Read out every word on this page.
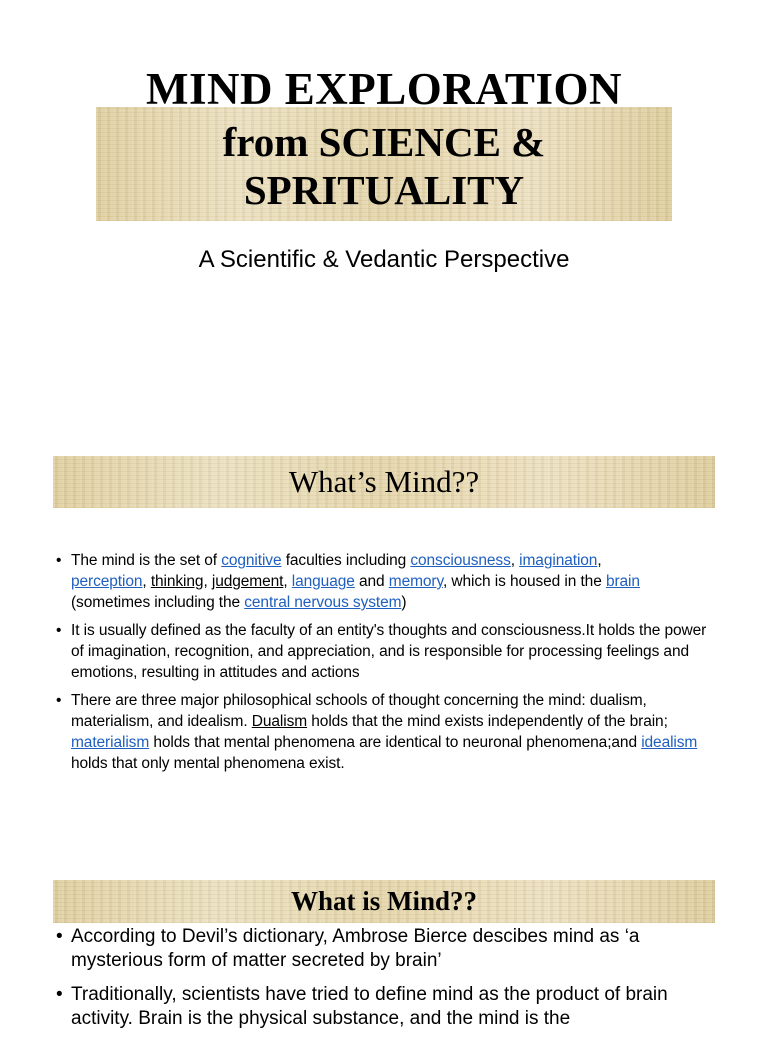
MIND EXPLORATION
from SCIENCE &
SPRITUALITY
A Scientific & Vedantic Perspective
What’s Mind??
• The mind is the set of cognitive faculties including consciousness, imagination,
perception, thinking, judgement, language and memory, which is housed in the brain (sometimes including the central nervous system)
• It is usually defined as the faculty of an entity's thoughts and consciousness.It holds the power of imagination, recognition, and appreciation, and is responsible for processing feelings and emotions, resulting in attitudes and actions
• There are three major philosophical schools of thought concerning the mind: dualism, materialism, and idealism. Dualism holds that the mind exists independently of the brain; materialism holds that mental phenomena are identical to neuronal phenomena;and idealism holds that only mental phenomena exist.
What is Mind??
• According to Devil’s dictionary, Ambrose Bierce descibes mind as ‘a mysterious form of matter secreted by brain’
• Traditionally, scientists have tried to define mind as the product of brain activity. Brain is the physical substance, and the mind is the
